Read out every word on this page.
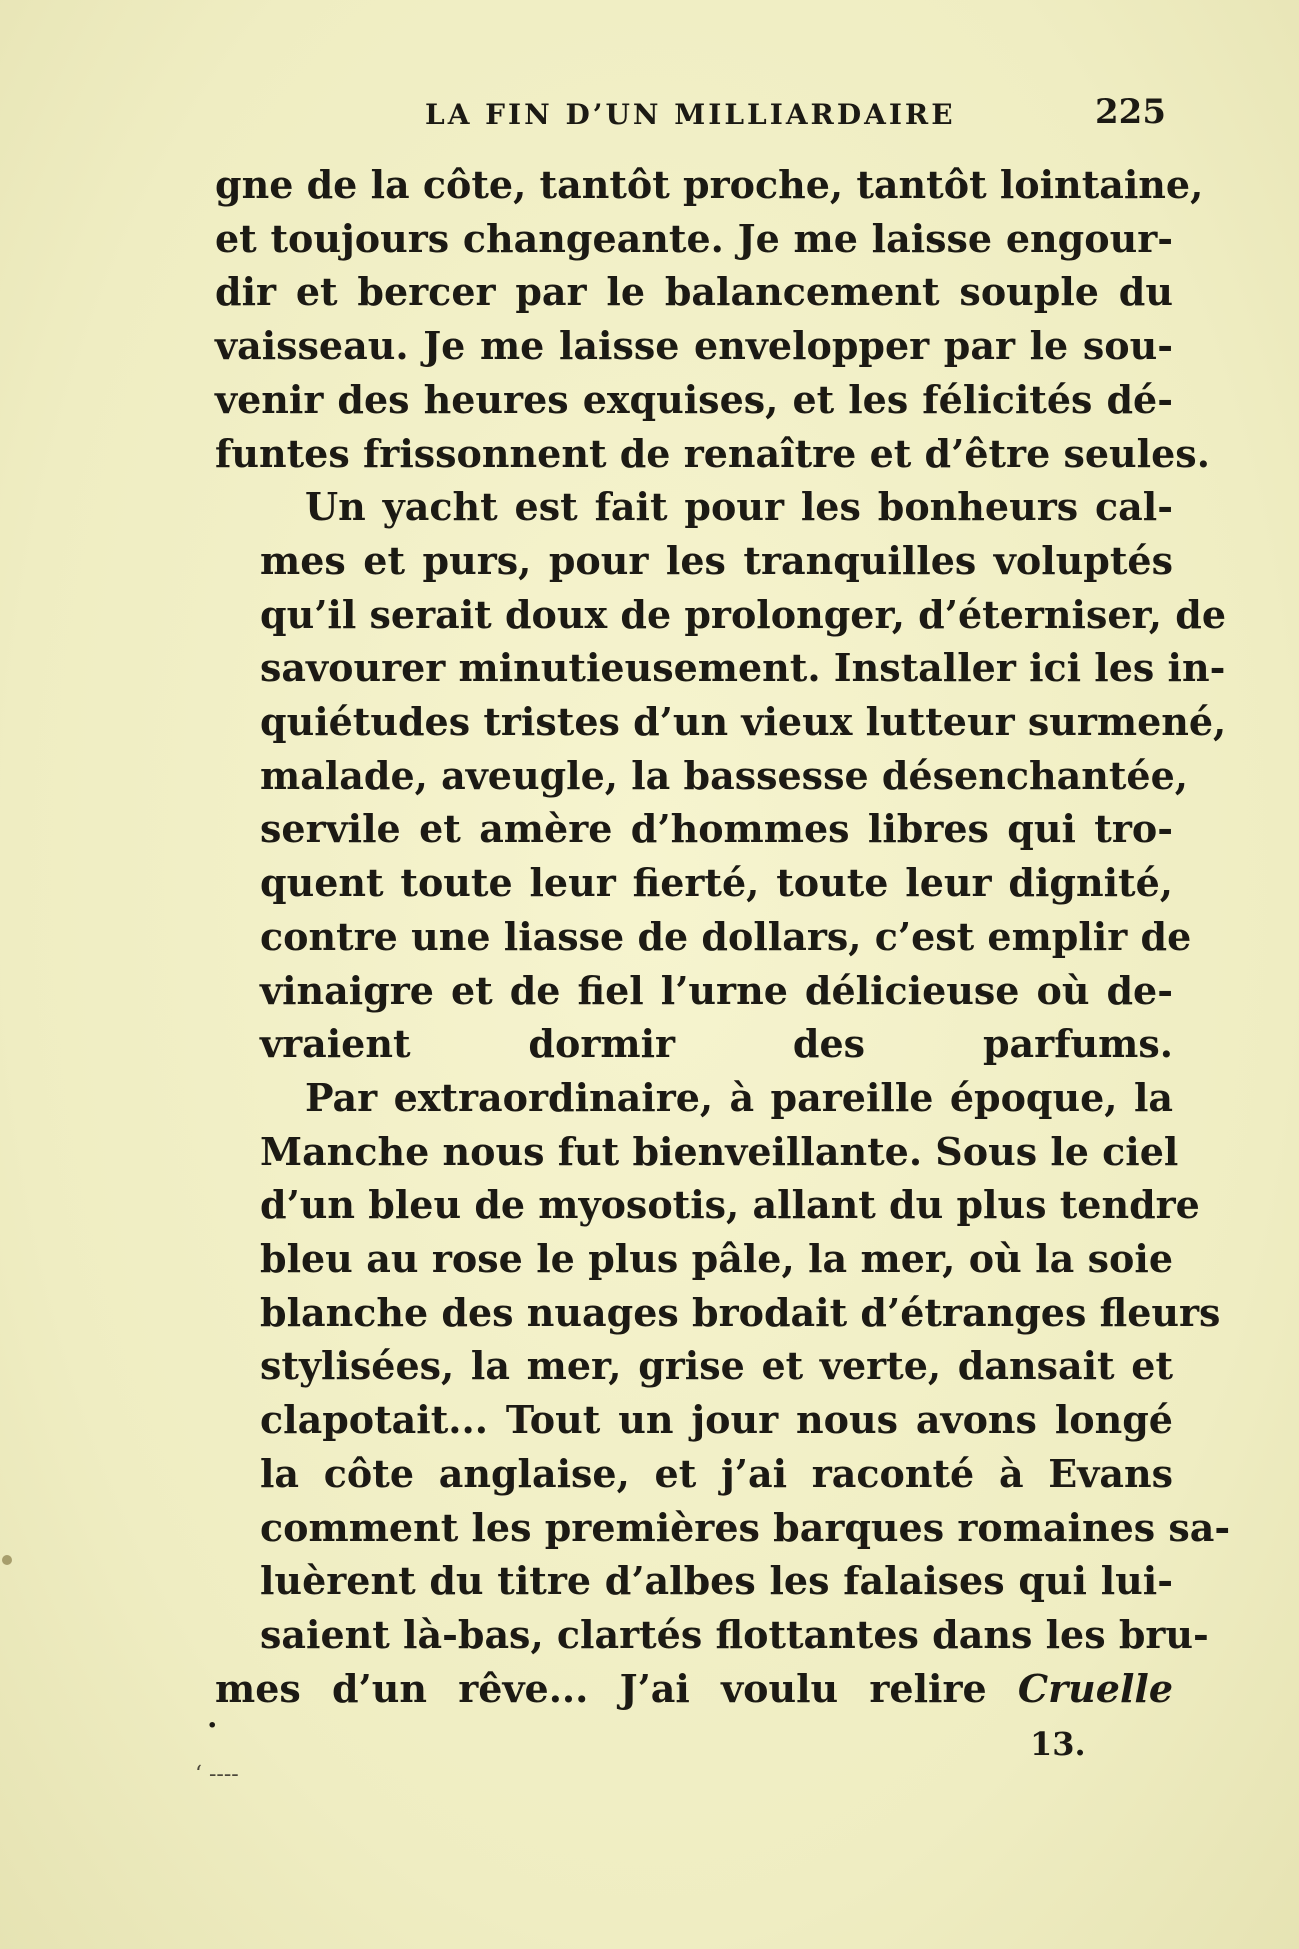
LA FIN D’UN MILLIARDAIRE	225

gne de la côte, tantôt proche, tantôt lointaine,
et toujours changeante. Je me laisse engour-
dir et bercer par le balancement souple du
vaisseau. Je me laisse envelopper par le sou-
venir des heures exquises, et les félicités dé-
funtes frissonnent de renaître et d’être seules.

Un yacht est fait pour les bonheurs cal-
mes et purs, pour les tranquilles voluptés
qu’il serait doux de prolonger, d’éterniser, de
savourer minutieusement. Installer ici les in-
quiétudes tristes d’un vieux lutteur surmené,
malade, aveugle, la bassesse désenchantée,
servile et amère d’hommes libres qui tro-
quent toute leur fierté, toute leur dignité,
contre une liasse de dollars, c’est emplir de
vinaigre et de fiel l’urne délicieuse où de-
vraient dormir des parfums.

Par extraordinaire, à pareille époque, la
Manche nous fut bienveillante. Sous le ciel
d’un bleu de myosotis, allant du plus tendre
bleu au rose le plus pâle, la mer, où la soie
blanche des nuages brodait d’étranges fleurs
stylisées, la mer, grise et verte, dansait et
clapotait... Tout un jour nous avons longé
la côte anglaise, et j’ai raconté à Evans
comment les premières barques romaines sa-
luèrent du titre d’albes les falaises qui lui-
saient là-bas, clartés flottantes dans les bru-

mes d’un rêve... J’ai voulu relire Cruelle

·	13.
‘ ‐‐‐‐
